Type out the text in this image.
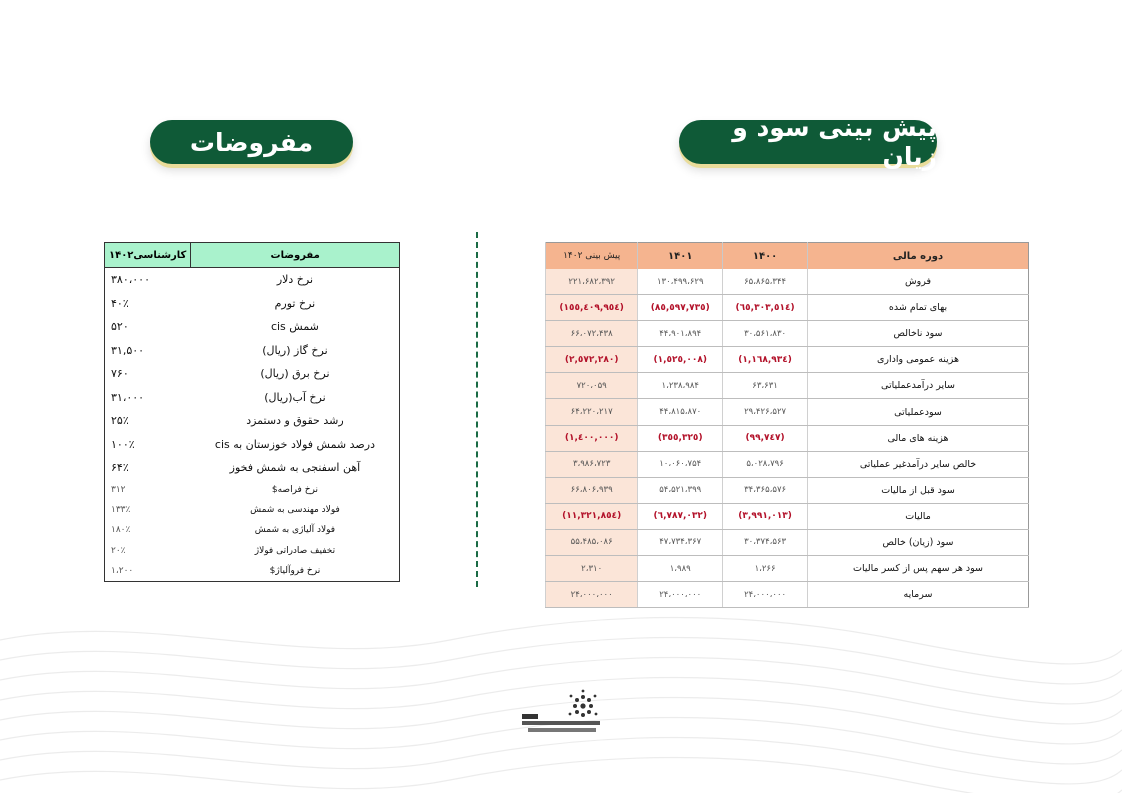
مفروضات	پیش بینی سود و زیان
کارشناسی۱۴۰۲	مفروضات
۳۸۰،۰۰۰	نرخ دلار
۴۰٪	نرخ تورم
۵۲۰	شمش cis
۳۱,۵۰۰	نرخ گاز (ریال)
۷۶۰	نرخ برق (ریال)
۳۱،۰۰۰	نرخ آب(ریال)
۲۵٪	رشد حقوق و دستمزد
۱۰۰٪	درصد شمش فولاد خوزستان به cis
۶۴٪	آهن اسفنجی به شمش فخوز
۳۱۲	نرخ فراصه$
۱۳۳٪	فولاد مهندسی به شمش
۱۸۰٪	فولاد آلیاژی به شمش
۲۰٪	تخفیف صادراتی فولاژ
۱،۲۰۰	نرخ فروآلیاژ$
پیش بینی ۱۴۰۲	۱۴۰۱	۱۴۰۰	دوره مالی
۲۲۱،۶۸۲،۳۹۲	۱۳۰،۴۹۹،۶۲۹	۶۵،۸۶۵،۳۴۴	فروش
(١٥٥,٤٠٩,٩٥٤)	(٨٥,٥٩٧,٧٣٥)	(٦٥,٣٠٣,٥١٤)	بهای تمام شده
۶۶،۰۷۲،۴۳۸	۴۴،۹۰۱،۸۹۴	۳۰،۵۶۱،۸۳۰	سود ناخالص
(٢,٥٧٢,٢٨٠)	(١,٥٢٥,٠٠٨)	(١,١٦٨,٩٣٤)	هزینه عمومی واداری
۷۲۰،۰۵۹	۱،۲۳۸،۹۸۴	۶۳،۶۳۱	سایر درآمدعملیاتی
۶۴،۲۲۰،۲۱۷	۴۴،۸۱۵،۸۷۰	۲۹،۴۲۶،۵۲۷	سودعملیاتی
(١,٤٠٠,٠٠٠)	(٣٥٥,٣٢٥)	(٩٩,٧٤٧)	هزینه های مالی
۳،۹۸۶،۷۲۳	۱۰،۰۶۰،۷۵۴	۵،۰۲۸،۷۹۶	خالص سایر درآمدغیر عملیاتی
۶۶،۸۰۶،۹۳۹	۵۴،۵۲۱،۳۹۹	۳۴،۳۶۵،۵۷۶	سود قبل از مالیات
(١١,٣٢١,٨٥٤)	(٦,٧٨٧,٠٣٢)	(٣,٩٩١,٠١٣)	مالیات
۵۵،۴۸۵،۰۸۶	۴۷،۷۳۴،۳۶۷	۳۰،۳۷۴،۵۶۳	سود (زیان) خالص
۲،۳۱۰	۱،۹۸۹	۱،۲۶۶	سود هر سهم پس از کسر مالیات
۲۴،۰۰۰،۰۰۰	۲۴،۰۰۰،۰۰۰	۲۴،۰۰۰،۰۰۰	سرمایه
